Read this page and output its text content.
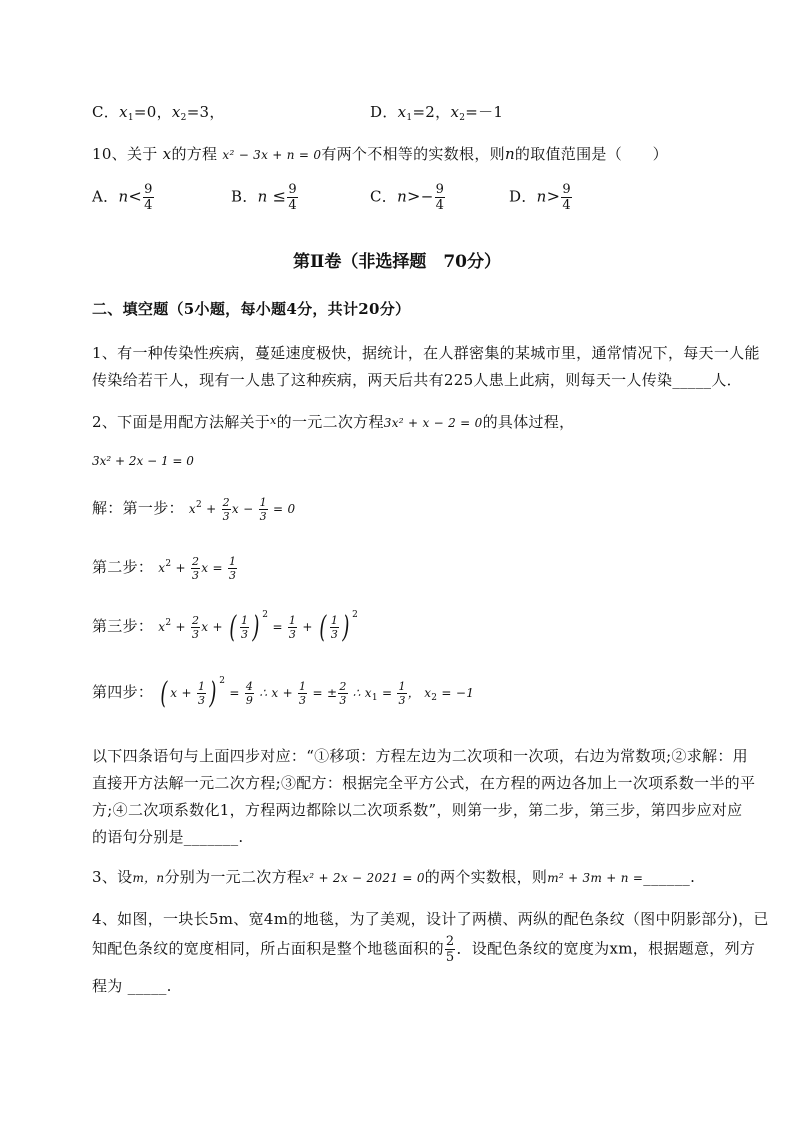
C．$x_1=0$，$x_2=3$，	D．$x_1=2$，$x_2=-1$
10、关于 x的方程 x² − 3x + n = 0有两个不相等的实数根，则n的取值范围是（　　）
A．$n< \frac{9}{4}$	B．$n \le \frac{9}{4}$	C．$n>- \frac{9}{4}$	D．$n> \frac{9}{4}$
第Ⅱ卷（非选择题　70分）
二、填空题（5小题，每小题4分，共计20分）
1、有一种传染性疾病，蔓延速度极快，据统计，在人群密集的某城市里，通常情况下，每天一人能
传染给若干人，现有一人患了这种疾病，两天后共有225人患上此病，则每天一人传染_____人．
2、下面是用配方法解关于$^x$的一元二次方程3x² + x − 2 = 0的具体过程，
3x² + 2x − 1 = 0
解：第一步： $x^2 + \frac{2}{3}$ $x - \frac{1}{3} = 0$
第二步： $x^2 + \frac{2}{3}$ $x = \frac{1}{3}$
第三步： $x^2 + \frac{2}{3}$ x + ( $\frac{1}{3}$ ) $^2 = \frac{1}{3}$ + ( $\frac{1}{3}$ ) $^2$
第四步： ( $x + \frac{1}{3}$ ) $^2 = \frac{4}{9}$ ∴ $x + \frac{1}{3}$ = ± $\frac{2}{3}$ ∴ $x_1 = \frac{1}{3}$ ， $x_2 = -1$
以下四条语句与上面四步对应：“①移项：方程左边为二次项和一次项，右边为常数项;②求解：用
直接开方法解一元二次方程;③配方：根据完全平方公式，在方程的两边各加上一次项系数一半的平
方;④二次项系数化1，方程两边都除以二次项系数”，则第一步，第二步，第三步，第四步应对应
的语句分别是_______.
3、设m，n分别为一元二次方程x² + 2x − 2021 = 0的两个实数根，则m² + 3m + n =______.
4、如图，一块长5m、宽4m的地毯，为了美观，设计了两横、两纵的配色条纹（图中阴影部分)，已
知配色条纹的宽度相同，所占面积是整个地毯面积的 $\frac{2}{5}$ ．设配色条纹的宽度为xm，根据题意，列方
程为 _____.
